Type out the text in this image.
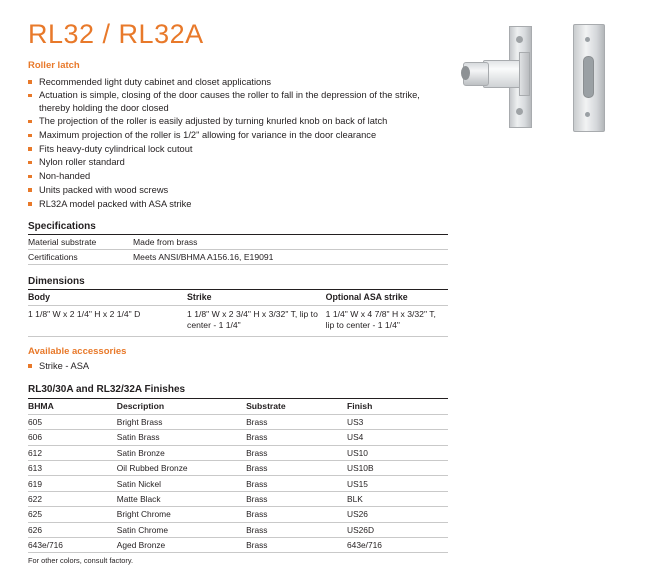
RL32 / RL32A
Roller latch
Recommended light duty cabinet and closet applications
Actuation is simple, closing of the door causes the roller to fall in the depression of the strike, thereby holding the door closed
The projection of the roller is easily adjusted by turning knurled knob on back of latch
Maximum projection of the roller is 1/2" allowing for variance in the door clearance
Fits heavy-duty cylindrical lock cutout
Nylon roller standard
Non-handed
Units packed with wood screws
RL32A model packed with ASA strike
Specifications
Material substrate	Made from brass
Certifications	Meets ANSI/BHMA A156.16, E19091
Dimensions
Body	Strike	Optional ASA strike
1 1/8" W x 2 1/4" H x 2 1/4" D	1 1/8" W x 2 3/4" H x 3/32" T, lip to center - 1 1/4"	1 1/4" W x 4 7/8" H x 3/32" T, lip to center - 1 1/4"
Available accessories
Strike - ASA
RL30/30A and RL32/32A Finishes
BHMA	Description	Substrate	Finish
605	Bright Brass	Brass	US3
606	Satin Brass	Brass	US4
612	Satin Bronze	Brass	US10
613	Oil Rubbed Bronze	Brass	US10B
619	Satin Nickel	Brass	US15
622	Matte Black	Brass	BLK
625	Bright Chrome	Brass	US26
626	Satin Chrome	Brass	US26D
643e/716	Aged Bronze	Brass	643e/716
For other colors, consult factory.
